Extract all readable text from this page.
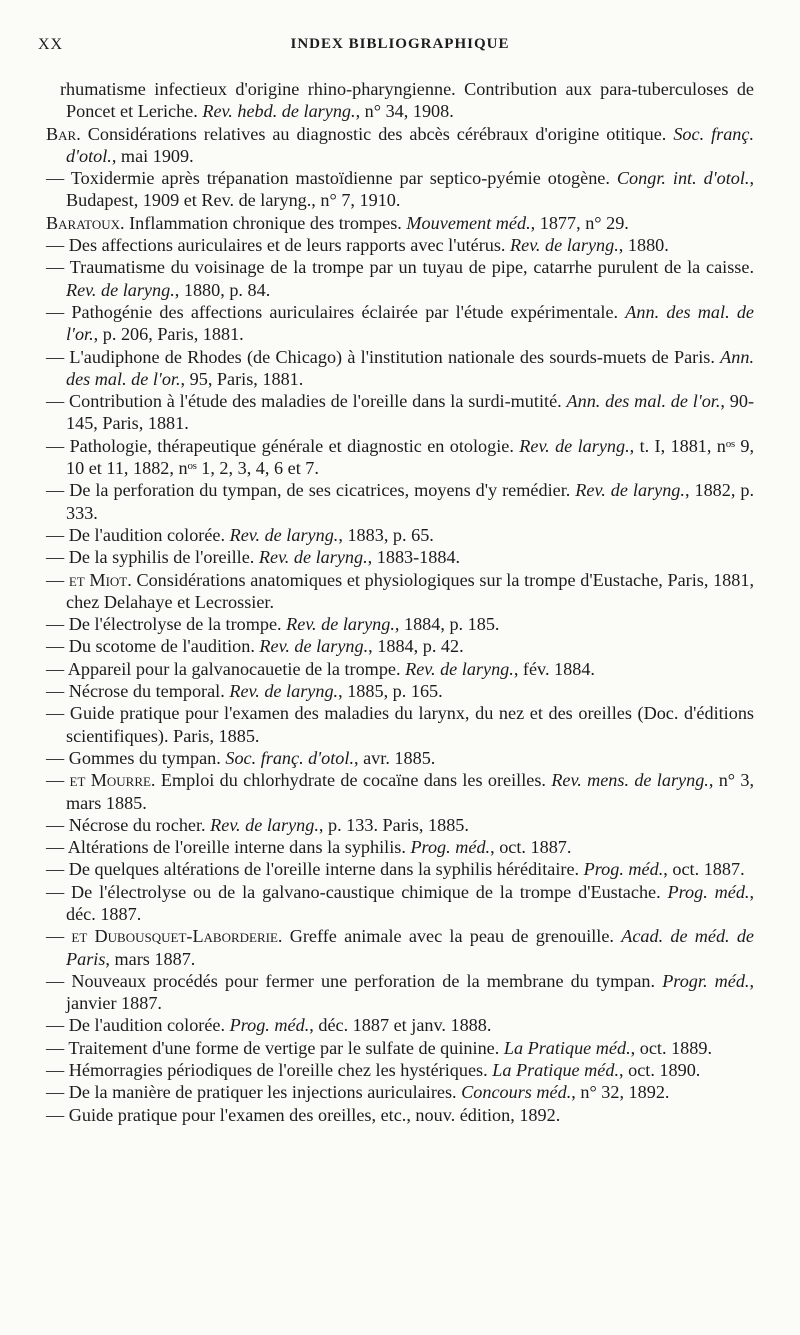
XX	INDEX BIBLIOGRAPHIQUE
rhumatisme infectieux d'origine rhino-pharyngienne. Contribution aux para-tuberculoses de Poncet et Leriche. Rev. hebd. de laryng., n° 34, 1908.
Bar. Considérations relatives au diagnostic des abcès cérébraux d'origine otitique. Soc. franç. d'otol., mai 1909.
— Toxidermie après trépanation mastoïdienne par septico-pyémie otogène. Congr. int. d'otol., Budapest, 1909 et Rev. de laryng., n° 7, 1910.
Baratoux. Inflammation chronique des trompes. Mouvement méd., 1877, n° 29.
— Des affections auriculaires et de leurs rapports avec l'utérus. Rev. de laryng., 1880.
— Traumatisme du voisinage de la trompe par un tuyau de pipe, catarrhe purulent de la caisse. Rev. de laryng., 1880, p. 84.
— Pathogénie des affections auriculaires éclairée par l'étude expérimentale. Ann. des mal. de l'or., p. 206, Paris, 1881.
— L'audiphone de Rhodes (de Chicago) à l'institution nationale des sourds-muets de Paris. Ann. des mal. de l'or., 95, Paris, 1881.
— Contribution à l'étude des maladies de l'oreille dans la surdi-mutité. Ann. des mal. de l'or., 90-145, Paris, 1881.
— Pathologie, thérapeutique générale et diagnostic en otologie. Rev. de laryng., t. I, 1881, nᵒˢ 9, 10 et 11, 1882, nᵒˢ 1, 2, 3, 4, 6 et 7.
— De la perforation du tympan, de ses cicatrices, moyens d'y remédier. Rev. de laryng., 1882, p. 333.
— De l'audition colorée. Rev. de laryng., 1883, p. 65.
— De la syphilis de l'oreille. Rev. de laryng., 1883-1884.
— et Miot. Considérations anatomiques et physiologiques sur la trompe d'Eustache, Paris, 1881, chez Delahaye et Lecrossier.
— De l'électrolyse de la trompe. Rev. de laryng., 1884, p. 185.
— Du scotome de l'audition. Rev. de laryng., 1884, p. 42.
— Appareil pour la galvanocauetie de la trompe. Rev. de laryng., fév. 1884.
— Nécrose du temporal. Rev. de laryng., 1885, p. 165.
— Guide pratique pour l'examen des maladies du larynx, du nez et des oreilles (Doc. d'éditions scientifiques). Paris, 1885.
— Gommes du tympan. Soc. franç. d'otol., avr. 1885.
— et Mourre. Emploi du chlorhydrate de cocaïne dans les oreilles. Rev. mens. de laryng., n° 3, mars 1885.
— Nécrose du rocher. Rev. de laryng., p. 133. Paris, 1885.
— Altérations de l'oreille interne dans la syphilis. Prog. méd., oct. 1887.
— De quelques altérations de l'oreille interne dans la syphilis héréditaire. Prog. méd., oct. 1887.
— De l'électrolyse ou de la galvano-caustique chimique de la trompe d'Eustache. Prog. méd., déc. 1887.
— et Dubousquet-Laborderie. Greffe animale avec la peau de grenouille. Acad. de méd. de Paris, mars 1887.
— Nouveaux procédés pour fermer une perforation de la membrane du tympan. Progr. méd., janvier 1887.
— De l'audition colorée. Prog. méd., déc. 1887 et janv. 1888.
— Traitement d'une forme de vertige par le sulfate de quinine. La Pratique méd., oct. 1889.
— Hémorragies périodiques de l'oreille chez les hystériques. La Pratique méd., oct. 1890.
— De la manière de pratiquer les injections auriculaires. Concours méd., n° 32, 1892.
— Guide pratique pour l'examen des oreilles, etc., nouv. édition, 1892.
